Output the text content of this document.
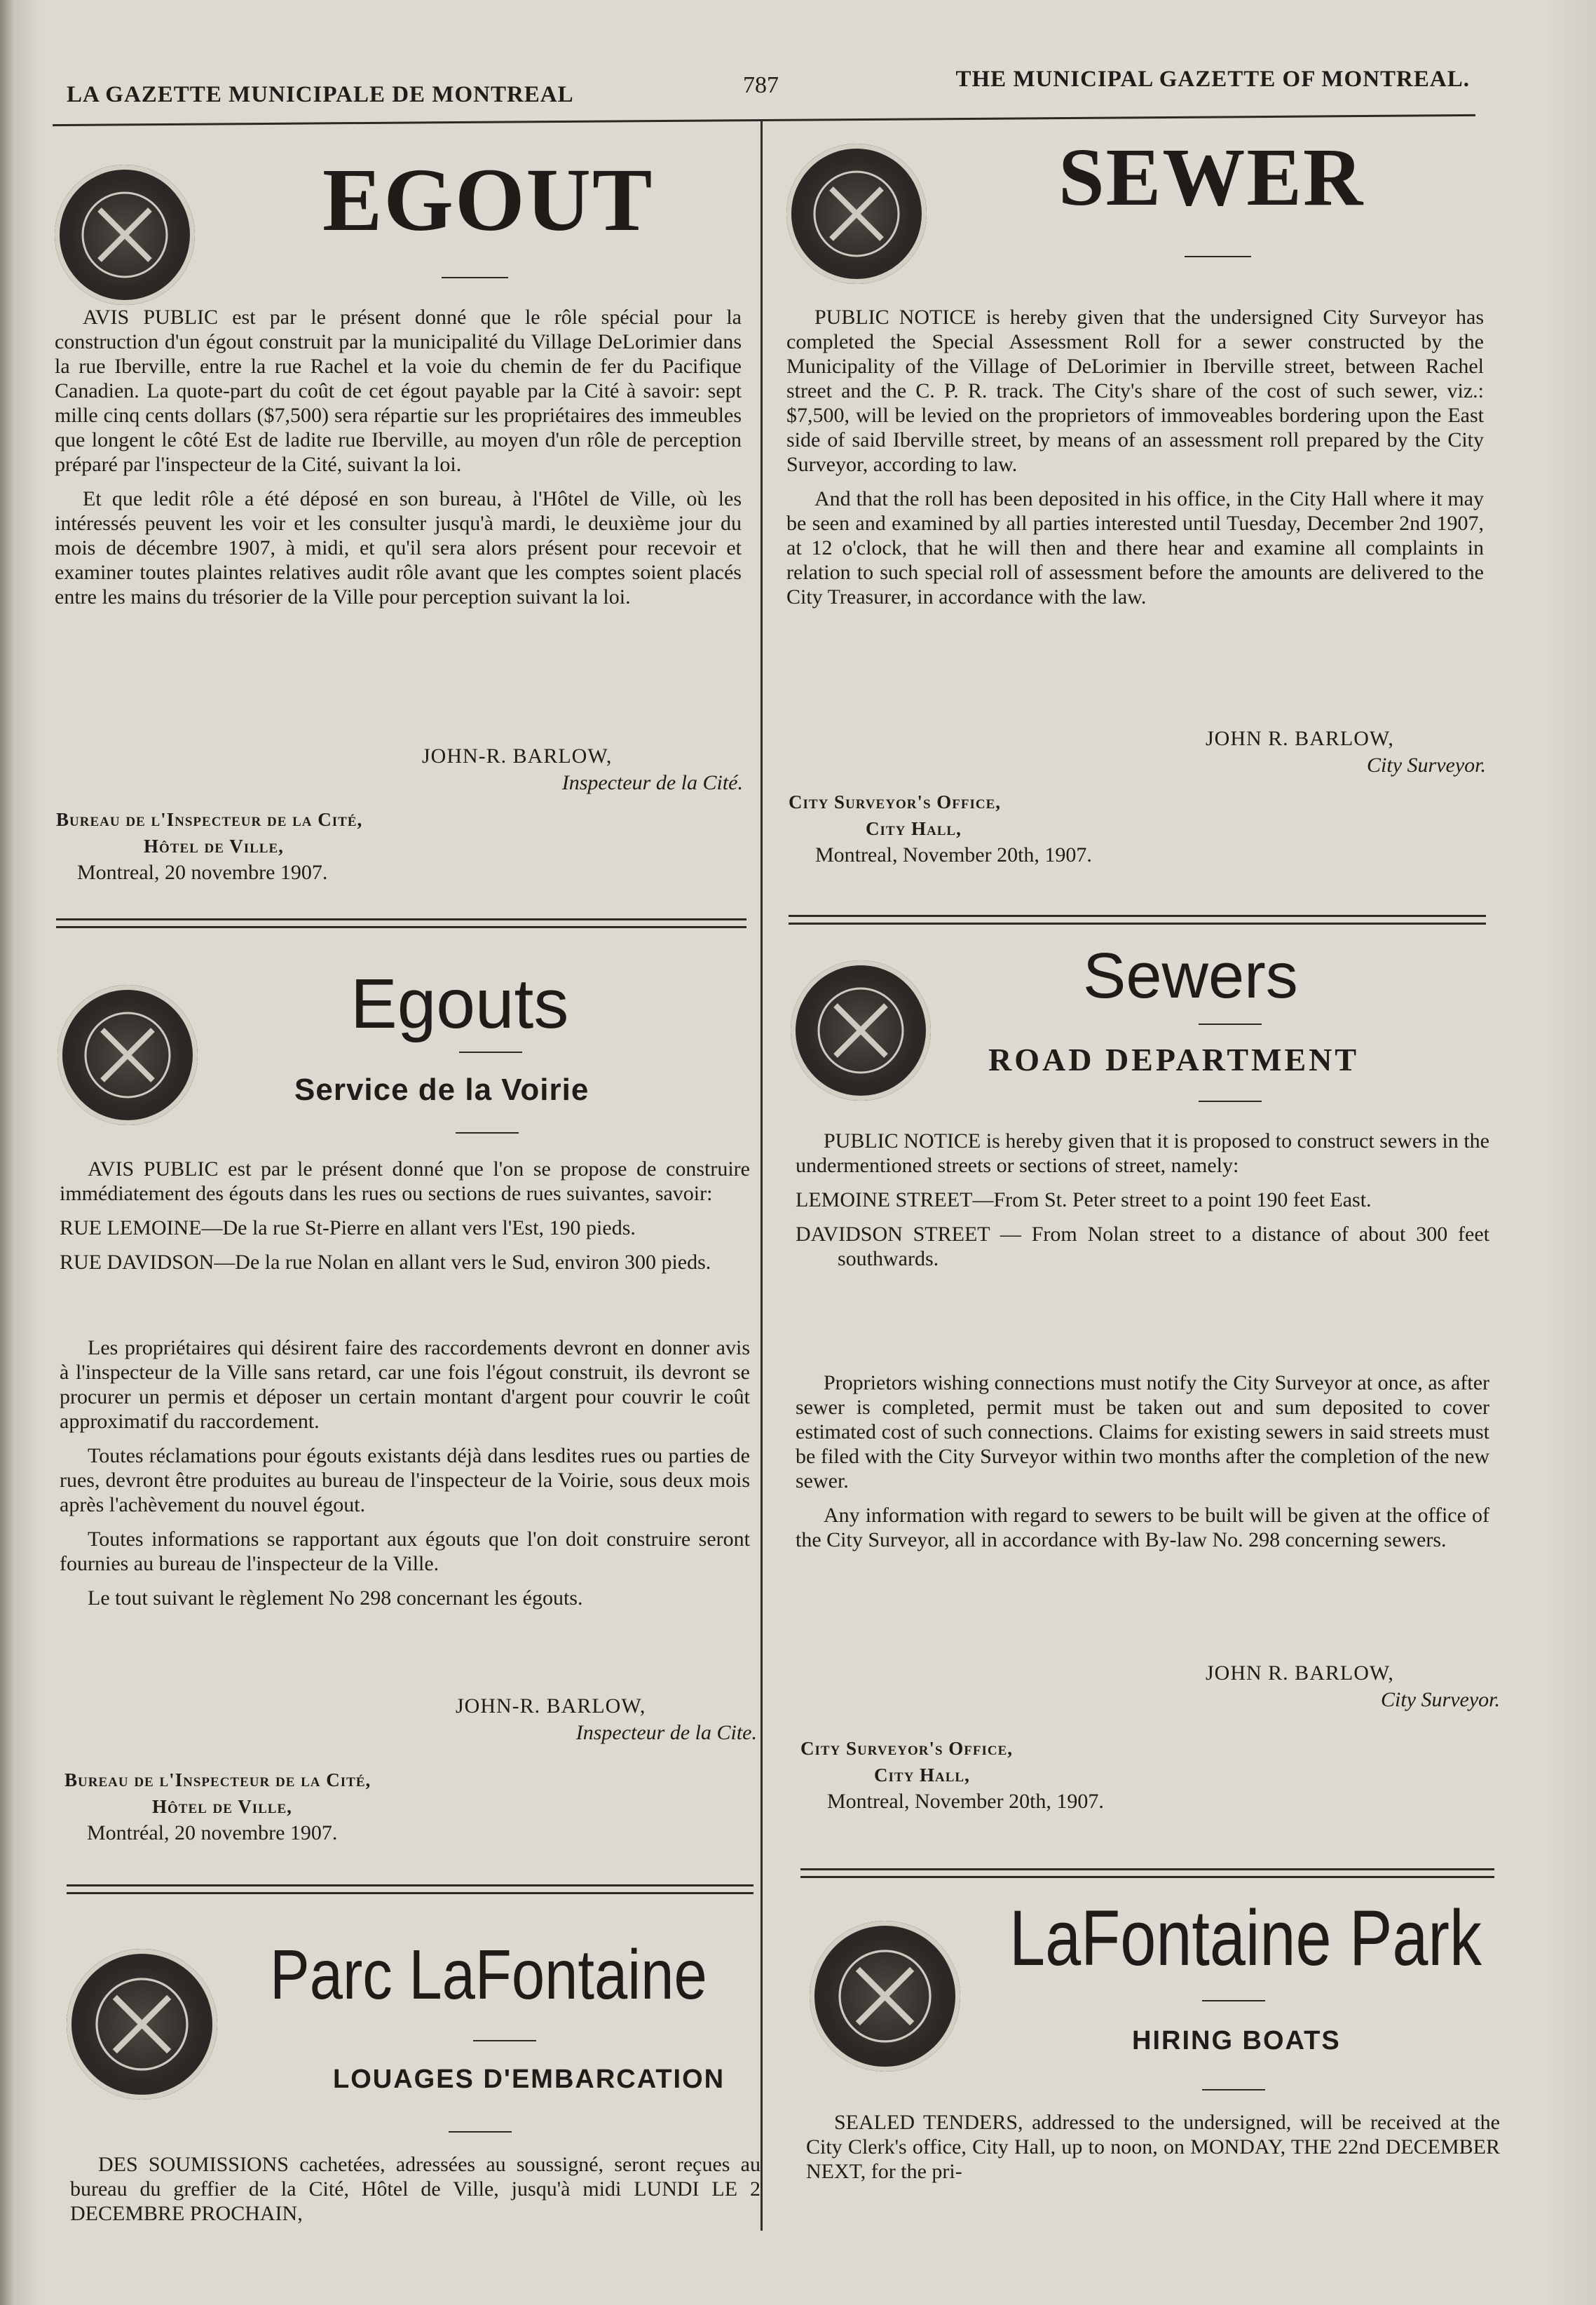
LA GAZETTE MUNICIPALE DE MONTREAL	787	THE MUNICIPAL GAZETTE OF MONTREAL.
EGOUT

AVIS PUBLIC est par le présent donné que le rôle spécial pour la construction d'un égout construit par la municipalité du Village DeLorimier dans la rue Iberville, entre la rue Rachel et la voie du chemin de fer du Pacifique Canadien. La quote-part du coût de cet égout payable par la Cité à savoir: sept mille cinq cents dollars ($7,500) sera répartie sur les propriétaires des immeubles que longent le côté Est de ladite rue Iberville, au moyen d'un rôle de perception préparé par l'inspecteur de la Cité, suivant la loi.

Et que ledit rôle a été déposé en son bureau, à l'Hôtel de Ville, où les intéressés peuvent les voir et les consulter jusqu'à mardi, le deuxième jour du mois de décembre 1907, à midi, et qu'il sera alors présent pour recevoir et examiner toutes plaintes relatives audit rôle avant que les comptes soient placés entre les mains du trésorier de la Ville pour perception suivant la loi.

JOHN-R. BARLOW,
Inspecteur de la Cité.
Bureau de l'Inspecteur de la Cité,
Hôtel de Ville,
Montreal, 20 novembre 1907.
SEWER

PUBLIC NOTICE is hereby given that the undersigned City Surveyor has completed the Special Assessment Roll for a sewer constructed by the Municipality of the Village of DeLorimier in Iberville street, between Rachel street and the C. P. R. track. The City's share of the cost of such sewer, viz.: $7,500, will be levied on the proprietors of immoveables bordering upon the East side of said Iberville street, by means of an assessment roll prepared by the City Surveyor, according to law.

And that the roll has been deposited in his office, in the City Hall where it may be seen and examined by all parties interested until Tuesday, December 2nd 1907, at 12 o'clock, that he will then and there hear and examine all complaints in relation to such special roll of assessment before the amounts are delivered to the City Treasurer, in accordance with the law.

JOHN R. BARLOW,
City Surveyor.
City Surveyor's Office,
City Hall,
Montreal, November 20th, 1907.
Egouts
Service de la Voirie

AVIS PUBLIC est par le présent donné que l'on se propose de construire immédiatement des égouts dans les rues ou sections de rues suivantes, savoir:

RUE LEMOINE—De la rue St-Pierre en allant vers l'Est, 190 pieds.

RUE DAVIDSON—De la rue Nolan en allant vers le Sud, environ 300 pieds.

Les propriétaires qui désirent faire des raccordements devront en donner avis à l'inspecteur de la Ville sans retard, car une fois l'égout construit, ils devront se procurer un permis et déposer un certain montant d'argent pour couvrir le coût approximatif du raccordement.

Toutes réclamations pour égouts existants déjà dans lesdites rues ou parties de rues, devront être produites au bureau de l'inspecteur de la Voirie, sous deux mois après l'achèvement du nouvel égout.

Toutes informations se rapportant aux égouts que l'on doit construire seront fournies au bureau de l'inspecteur de la Ville.

Le tout suivant le règlement No 298 concernant les égouts.

JOHN-R. BARLOW,
Inspecteur de la Cite.
Bureau de l'Inspecteur de la Cité,
Hôtel de Ville,
Montréal, 20 novembre 1907.
Sewers
ROAD DEPARTMENT

PUBLIC NOTICE is hereby given that it is proposed to construct sewers in the undermentioned streets or sections of street, namely:

LEMOINE STREET—From St. Peter street to a point 190 feet East.

DAVIDSON STREET — From Nolan street to a distance of about 300 feet southwards.

Proprietors wishing connections must notify the City Surveyor at once, as after sewer is completed, permit must be taken out and sum deposited to cover estimated cost of such connections. Claims for existing sewers in said streets must be filed with the City Surveyor within two months after the completion of the new sewer.

Any information with regard to sewers to be built will be given at the office of the City Surveyor, all in accordance with By-law No. 298 concerning sewers.

JOHN R. BARLOW,
City Surveyor.
City Surveyor's Office,
City Hall,
Montreal, November 20th, 1907.
Parc LaFontaine
LOUAGES D'EMBARCATION

DES SOUMISSIONS cachetées, adressées au soussigné, seront reçues au bureau du greffier de la Cité, Hôtel de Ville, jusqu'à midi LUNDI LE 2 DECEMBRE PROCHAIN,

LaFontaine Park
HIRING BOATS

SEALED TENDERS, addressed to the undersigned, will be received at the City Clerk's office, City Hall, up to noon, on MONDAY, THE 22nd DECEMBER NEXT, for the pri-
